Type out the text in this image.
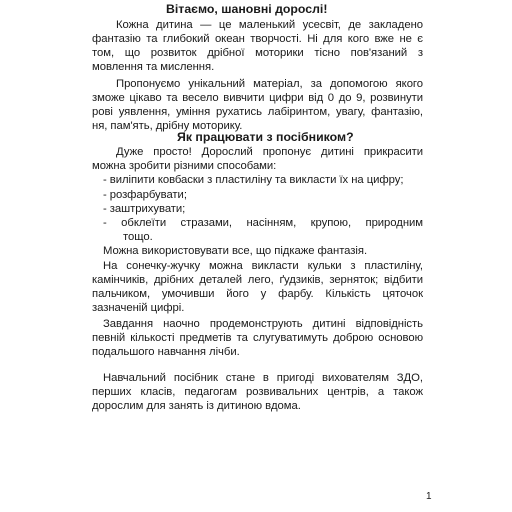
Вітаємо, шановні дорослі!
Кожна дитина — це маленький усесвіт, де закладено
фантазію та глибокий океан творчості. Ні для кого вже не є
том, що розвиток дрібної моторики тісно пов'язаний з
мовлення та мислення.
Пропонуємо унікальний матеріал, за допомогою якого
зможе цікаво та весело вивчити цифри від 0 до 9, розвинути
рові уявлення, уміння рухатись лабіринтом, увагу, фантазію,
ня, пам'ять, дрібну моторику.
Як працювати з посібником?
Дуже просто! Дорослий пропонує дитині прикрасити
можна зробити різними способами:
- виліпити ковбаски з пластиліну та викласти їх на цифру;
- розфарбувати;
- заштрихувати;
- обклеїти стразами, насінням, крупою, природним
тощо.
Можна використовувати все, що підкаже фантазія.
На сонечку-жучку можна викласти кульки з пластиліну,
камінчиків, дрібних деталей лего, ґудзиків, зерняток; відбити
пальчиком, умочивши його у фарбу. Кількість цяточок
зазначеній цифрі.
Завдання наочно продемонструють дитині відповідність
певній кількості предметів та слугуватимуть доброю основою
подальшого навчання лічби.
Навчальний посібник стане в пригоді вихователям ЗДО,
перших класів, педагогам розвивальних центрів, а також
дорослим для занять із дитиною вдома.
1
